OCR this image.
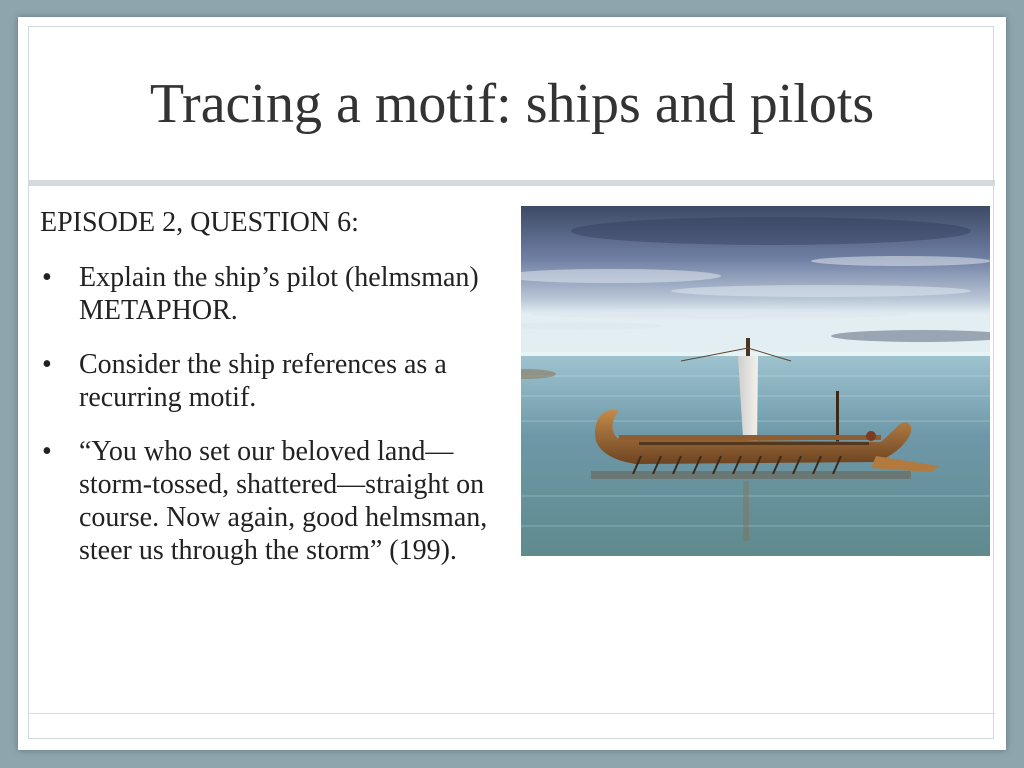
Tracing a motif: ships and pilots

EPISODE 2, QUESTION 6:

• Explain the ship’s pilot (helmsman) METAPHOR.
• Consider the ship references as a recurring motif.
• “You who set our beloved land—storm-tossed, shattered—straight on course. Now again, good helmsman, steer us through the storm” (199).
